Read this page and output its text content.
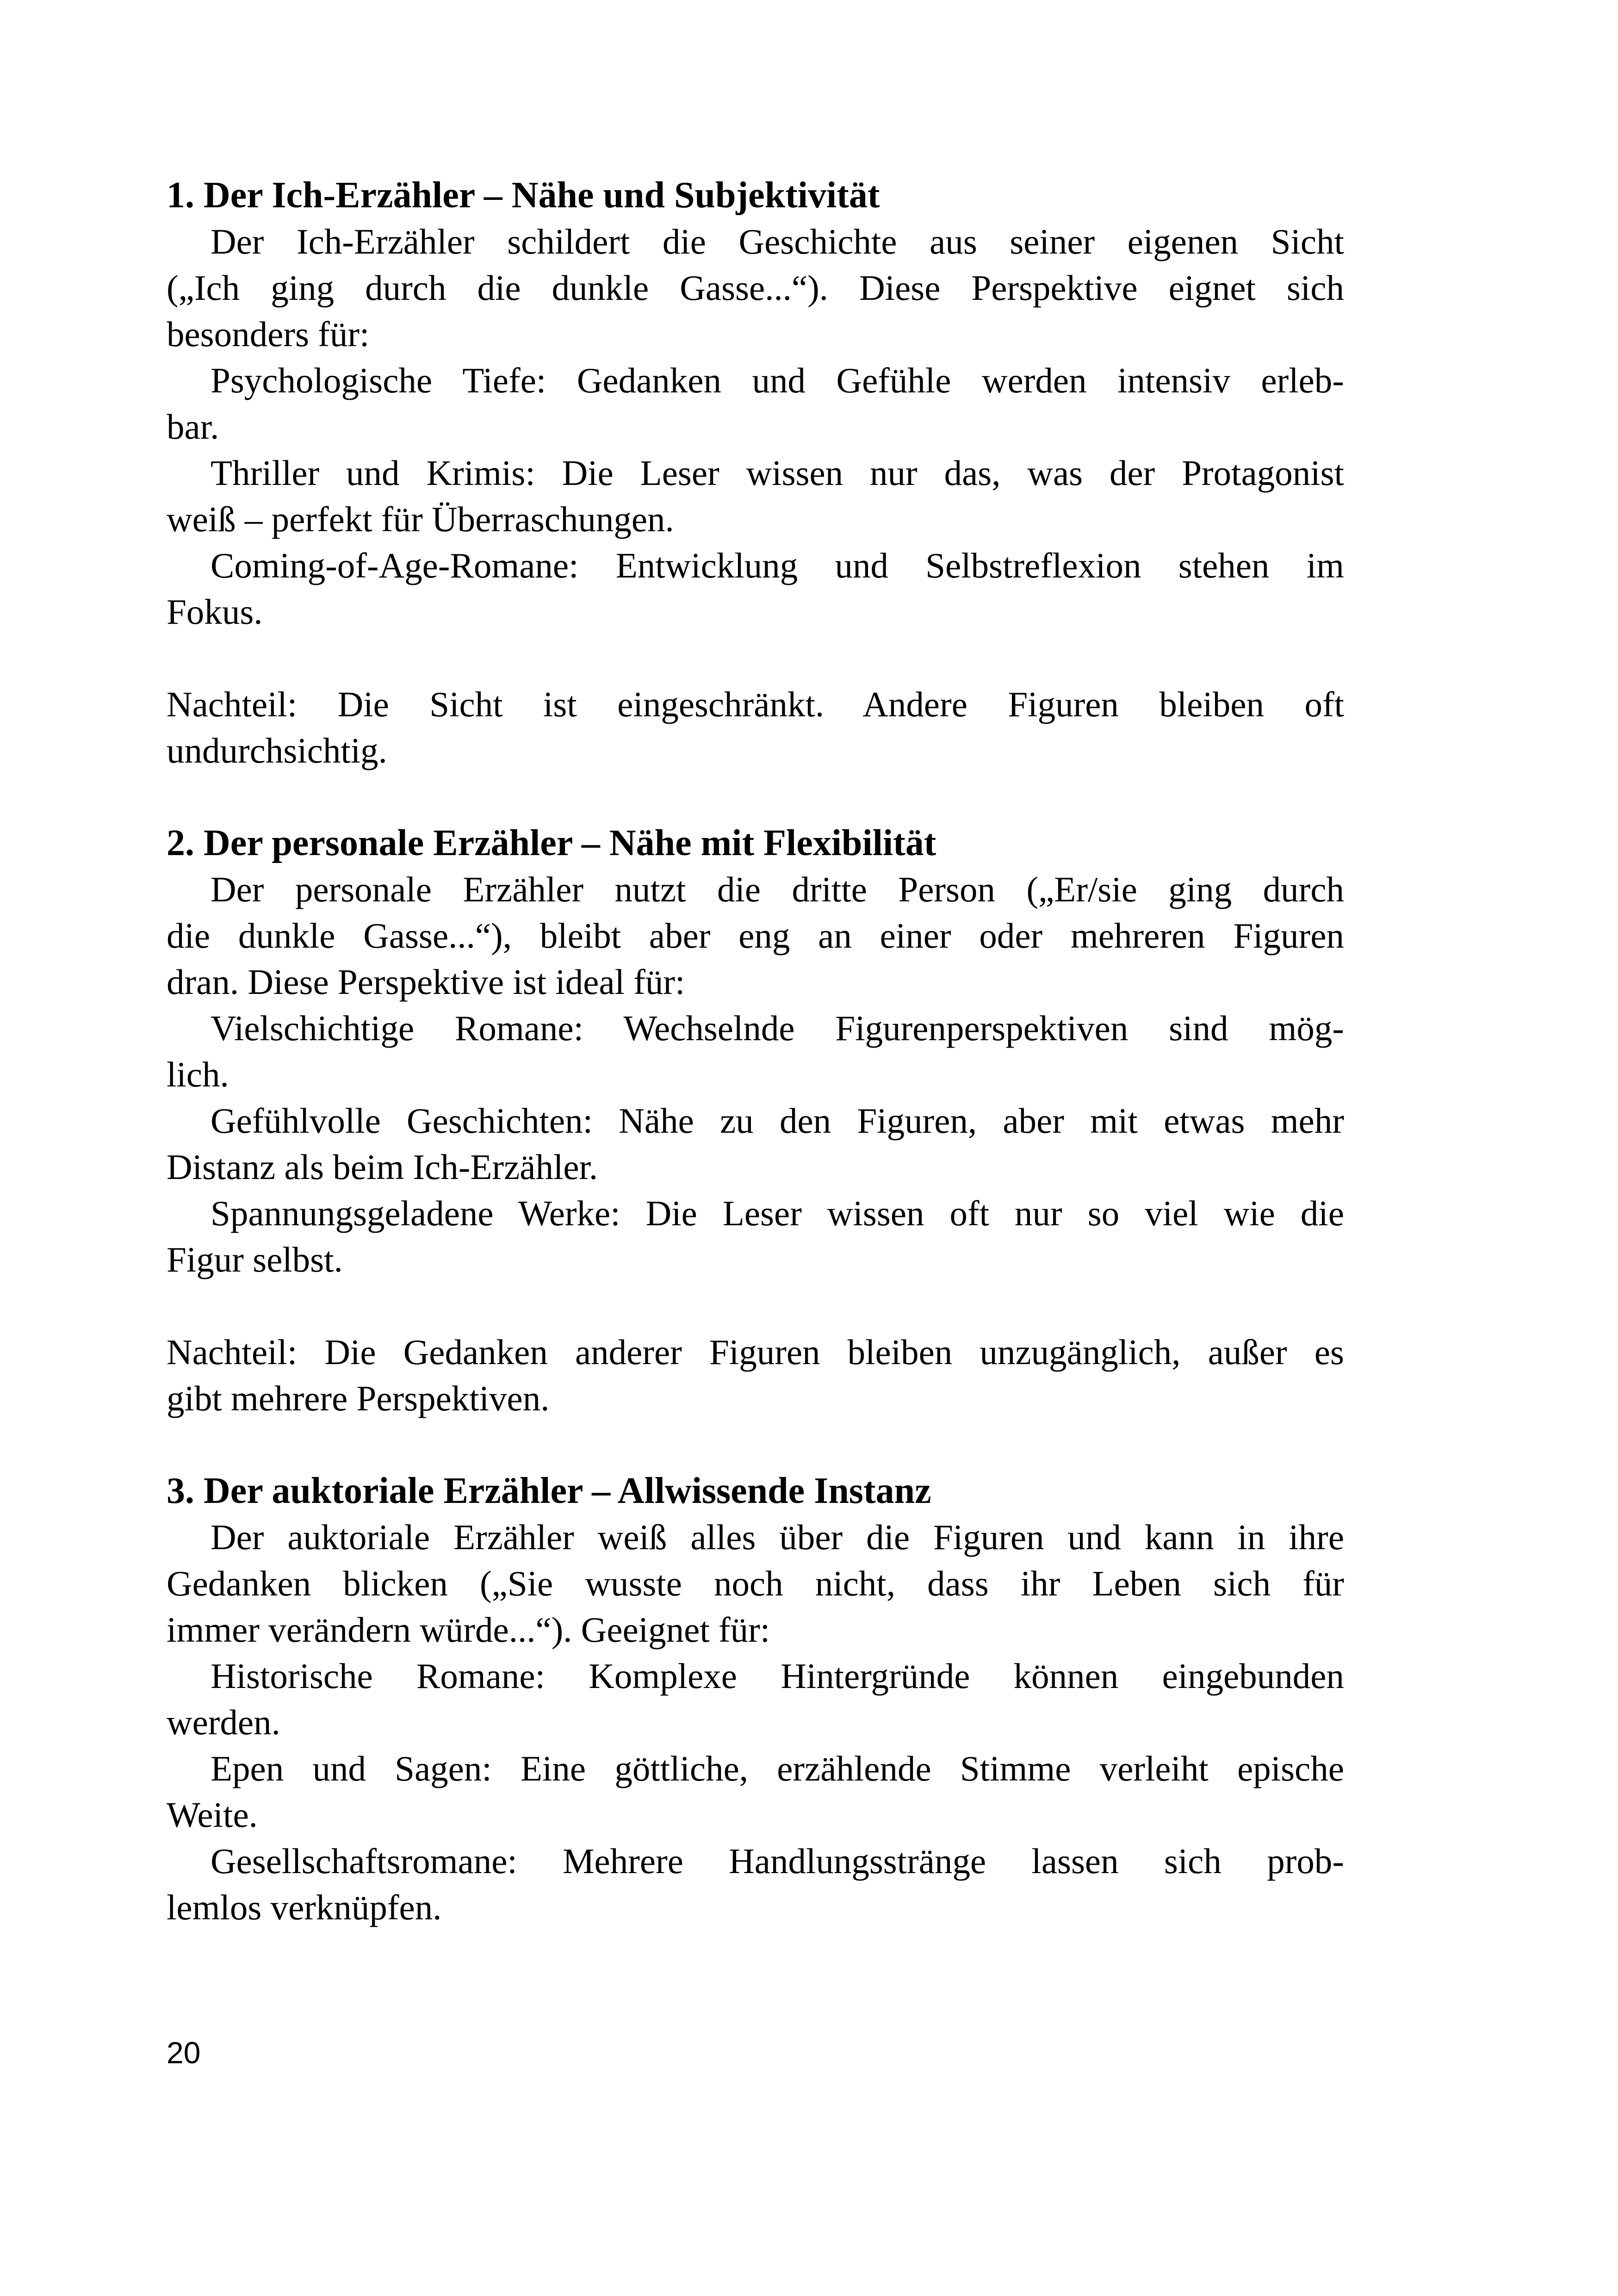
1. Der Ich-Erzähler – Nähe und Subjektivität
Der Ich-Erzähler schildert die Geschichte aus seiner eigenen Sicht
(„Ich ging durch die dunkle Gasse...“). Diese Perspektive eignet sich
besonders für:
Psychologische Tiefe: Gedanken und Gefühle werden intensiv erleb-
bar.
Thriller und Krimis: Die Leser wissen nur das, was der Protagonist
weiß – perfekt für Überraschungen.
Coming-of-Age-Romane: Entwicklung und Selbstreflexion stehen im
Fokus.
Nachteil: Die Sicht ist eingeschränkt. Andere Figuren bleiben oft
undurchsichtig.
2. Der personale Erzähler – Nähe mit Flexibilität
Der personale Erzähler nutzt die dritte Person („Er/sie ging durch
die dunkle Gasse...“), bleibt aber eng an einer oder mehreren Figuren
dran. Diese Perspektive ist ideal für:
Vielschichtige Romane: Wechselnde Figurenperspektiven sind mög-
lich.
Gefühlvolle Geschichten: Nähe zu den Figuren, aber mit etwas mehr
Distanz als beim Ich-Erzähler.
Spannungsgeladene Werke: Die Leser wissen oft nur so viel wie die
Figur selbst.
Nachteil: Die Gedanken anderer Figuren bleiben unzugänglich, außer es
gibt mehrere Perspektiven.
3. Der auktoriale Erzähler – Allwissende Instanz
Der auktoriale Erzähler weiß alles über die Figuren und kann in ihre
Gedanken blicken („Sie wusste noch nicht, dass ihr Leben sich für
immer verändern würde...“). Geeignet für:
Historische Romane: Komplexe Hintergründe können eingebunden
werden.
Epen und Sagen: Eine göttliche, erzählende Stimme verleiht epische
Weite.
Gesellschaftsromane: Mehrere Handlungsstränge lassen sich prob-
lemlos verknüpfen.
20
